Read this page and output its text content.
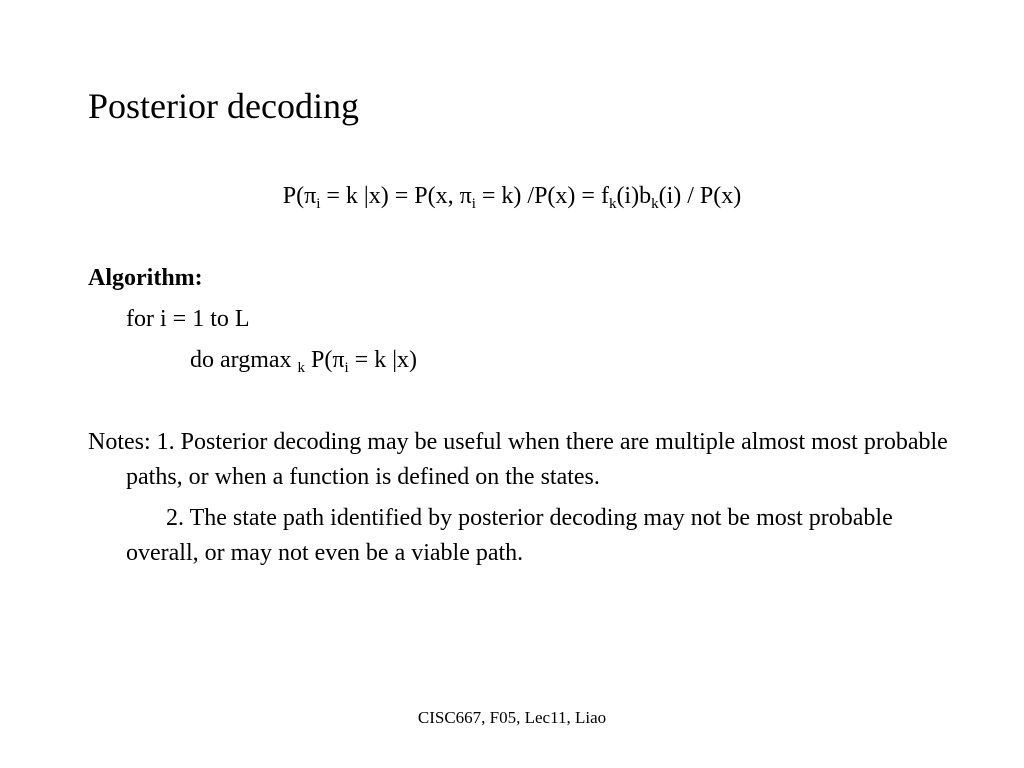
Posterior decoding
$P(\pi_i = k$ |x) = P(x, $\pi_i = k$) $/P(x) = f_k(i)b_k(i) / P(x)$
Algorithm:
for i = 1 to L
do argmax $_k$ $P(\pi_i = k$ |x)

Notes: 1. Posterior decoding may be useful when there are multiple almost most probable paths, or when a function is defined on the states.

2. The state path identified by posterior decoding may not be most probable overall, or may not even be a viable path.

CISC667, F05, Lec11, Liao
